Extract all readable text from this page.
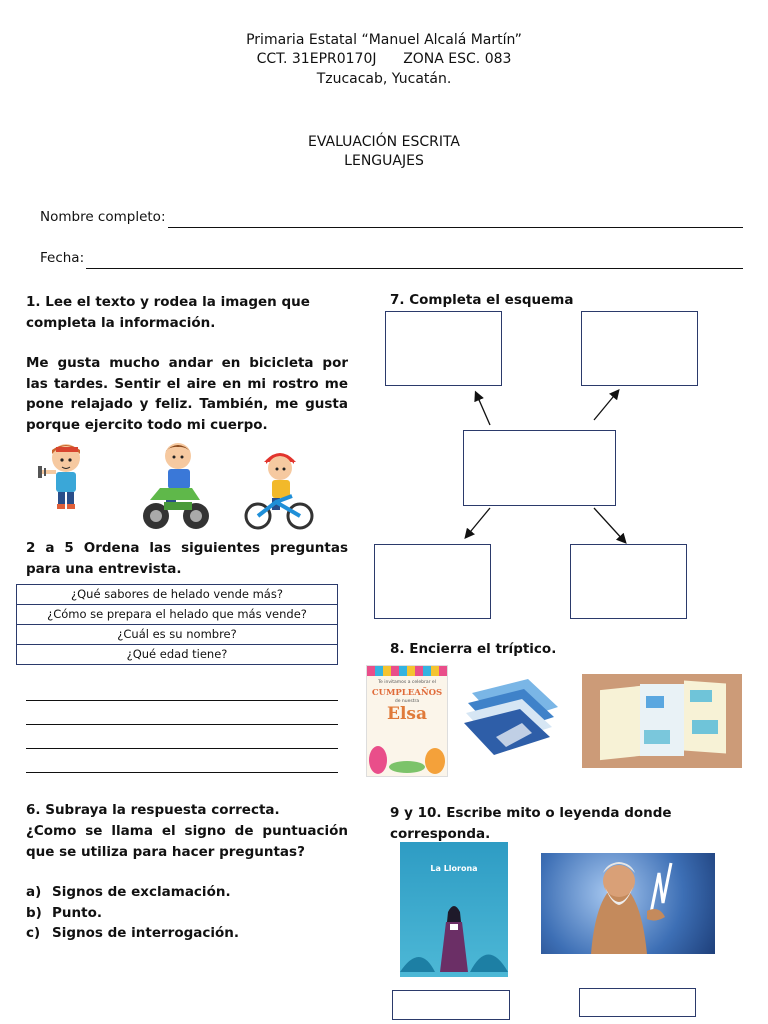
Primaria Estatal “Manuel Alcalá Martín”
CCT. 31EPR0170J      ZONA ESC. 083
Tzucacab, Yucatán.
EVALUACIÓN ESCRITA
LENGUAJES
Nombre completo:
Fecha:
1. Lee el texto y rodea la imagen que
completa la información.
Me gusta mucho andar en bicicleta por las tardes. Sentir el aire en mi rostro me pone relajado y feliz. También, me gusta porque ejercito todo mi cuerpo.
2 a 5 Ordena las siguientes preguntas para una entrevista.
¿Qué sabores de helado vende más?
¿Cómo se prepara el helado que más vende?
¿Cuál es su nombre?
¿Qué edad tiene?
6. Subraya la respuesta correcta.
¿Como se llama el signo de puntuación que se utiliza para hacer preguntas?
a) Signos de exclamación.
b) Punto.
c) Signos de interrogación.
7. Completa el esquema
8. Encierra el tríptico.
Te invitamos a celebrar el
CUMPLEAÑOS
de nuestra
Elsa
9 y 10. Escribe mito o leyenda donde corresponda.
La Llorona
